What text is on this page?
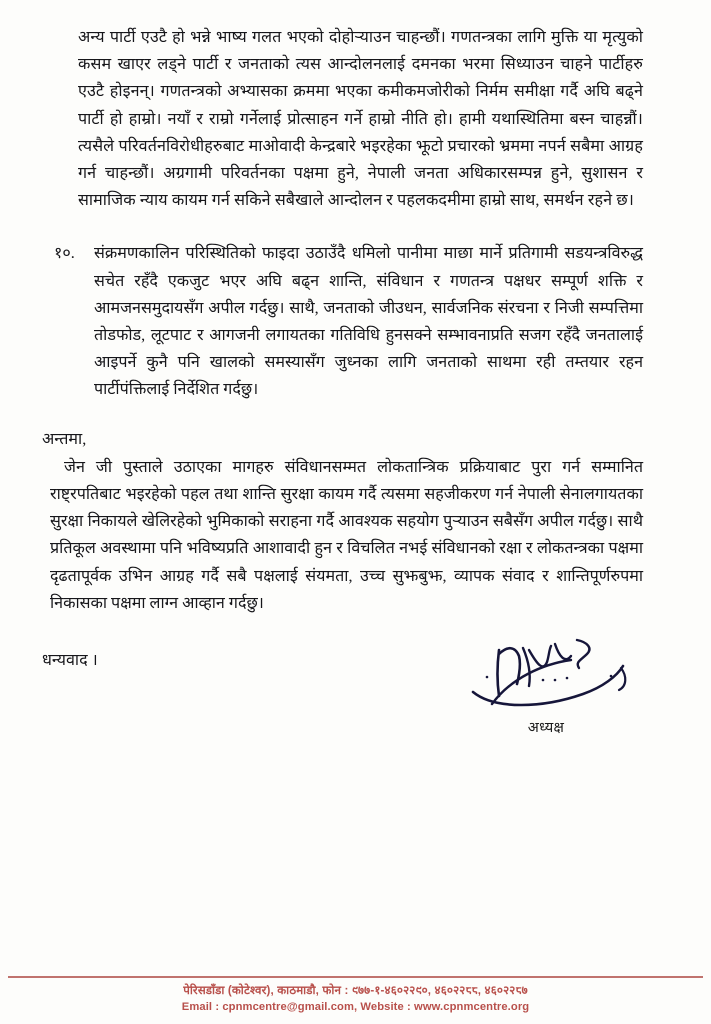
अन्य पार्टी एउटै हो भन्ने भाष्य गलत भएको दोहोर्‍याउन चाहन्छौं। गणतन्त्रका लागि मुक्ति या मृत्युको कसम खाएर लड्ने पार्टी र जनताको त्यस आन्दोलनलाई दमनका भरमा सिध्याउन चाहने पार्टीहरु एउटै होइनन्। गणतन्त्रको अभ्यासका क्रममा भएका कमीकमजोरीको निर्मम समीक्षा गर्दै अघि बढ्ने पार्टी हो हाम्रो। नयाँ र राम्रो गर्नेलाई प्रोत्साहन गर्ने हाम्रो नीति हो। हामी यथास्थितिमा बस्न चाहन्नौं। त्यसैले परिवर्तनविरोधीहरुबाट माओवादी केन्द्रबारे भइरहेका झूटो प्रचारको भ्रममा नपर्न सबैमा आग्रह गर्न चाहन्छौं। अग्रगामी परिवर्तनका पक्षमा हुने, नेपाली जनता अधिकारसम्पन्न हुने, सुशासन र सामाजिक न्याय कायम गर्न सकिने सबैखाले आन्दोलन र पहलकदमीमा हाम्रो साथ, समर्थन रहने छ।

१०.	संक्रमणकालिन परिस्थितिको फाइदा उठाउँदै धमिलो पानीमा माछा मार्ने प्रतिगामी सडयन्त्रविरुद्ध सचेत रहँदै एकजुट भएर अघि बढ्न शान्ति, संविधान र गणतन्त्र पक्षधर सम्पूर्ण शक्ति र आमजनसमुदायसँग अपील गर्दछु। साथै, जनताको जीउधन, सार्वजनिक संरचना र निजी सम्पत्तिमा तोडफोड, लूटपाट र आगजनी लगायतका गतिविधि हुनसक्ने सम्भावनाप्रति सजग रहँदै जनतालाई आइपर्ने कुनै पनि खालको समस्यासँग जुध्नका लागि जनताको साथमा रही तम्तयार रहन पार्टीपंक्तिलाई निर्देशित गर्दछु।
अन्तमा,

जेन जी पुस्ताले उठाएका मागहरु संविधानसम्मत लोकतान्त्रिक प्रक्रियाबाट पुरा गर्न सम्मानित राष्ट्रपतिबाट भइरहेको पहल तथा शान्ति सुरक्षा कायम गर्दै त्यसमा सहजीकरण गर्न नेपाली सेनालगायतका सुरक्षा निकायले खेलिरहेको भुमिकाको सराहना गर्दै आवश्यक सहयोग पुर्‍याउन सबैसँग अपील गर्दछु। साथै प्रतिकूल अवस्थामा पनि भविष्यप्रति आशावादी हुन र विचलित नभई संविधानको रक्षा र लोकतन्त्रका पक्षमा दृढतापूर्वक उभिन आग्रह गर्दै सबै पक्षलाई संयमता, उच्च सुझबुझ, व्यापक संवाद र शान्तिपूर्णरुपमा निकासका पक्षमा लाग्न आव्हान गर्दछु।

धन्यवाद ।
अध्यक्ष
पेरिसडाँडा (कोटेश्वर), काठमाडौ, फोन : ९७७-१-४६०२२९०, ४६०२२८८, ४६०२२८७
Email : cpnmcentre@gmail.com, Website : www.cpnmcentre.org
